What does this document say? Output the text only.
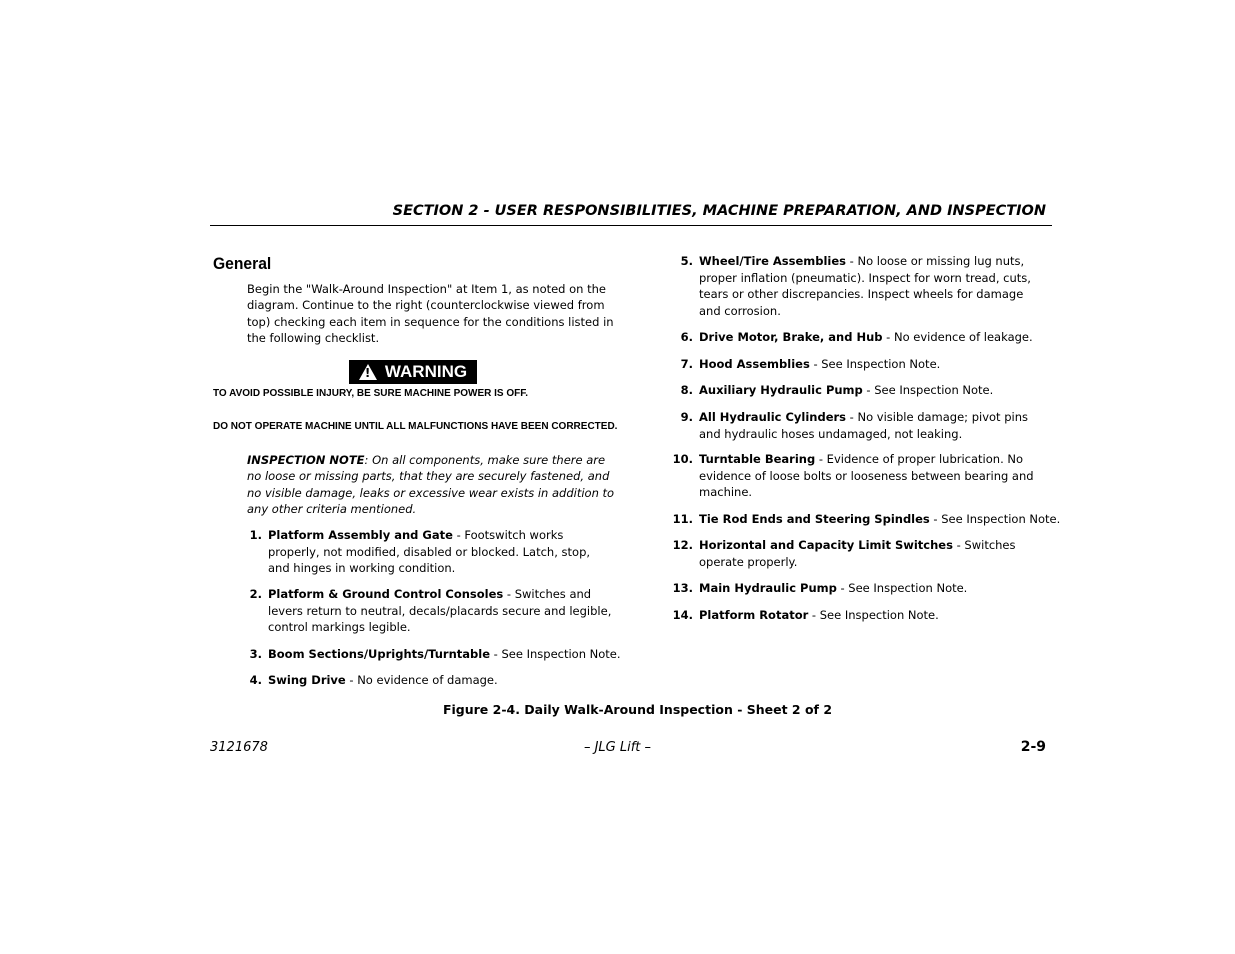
SECTION 2 - USER RESPONSIBILITIES, MACHINE PREPARATION, AND INSPECTION
General
Begin the "Walk-Around Inspection" at Item 1, as noted on the diagram. Continue to the right (counterclockwise viewed from top) checking each item in sequence for the conditions listed in the following checklist.
!
WARNING
TO AVOID POSSIBLE INJURY, BE SURE MACHINE POWER IS OFF.
DO NOT OPERATE MACHINE UNTIL ALL MALFUNCTIONS HAVE BEEN CORRECTED.
INSPECTION NOTE: On all components, make sure there are no loose or missing parts, that they are securely fastened, and no visible damage, leaks or excessive wear exists in addition to any other criteria mentioned.
1. Platform Assembly and Gate - Footswitch works properly, not modified, disabled or blocked. Latch, stop, and hinges in working condition.
2. Platform & Ground Control Consoles - Switches and levers return to neutral, decals/placards secure and legible, control markings legible.
3. Boom Sections/Uprights/Turntable - See Inspection Note.
4. Swing Drive - No evidence of damage.
5. Wheel/Tire Assemblies - No loose or missing lug nuts, proper inflation (pneumatic). Inspect for worn tread, cuts, tears or other discrepancies. Inspect wheels for damage and corrosion.
6. Drive Motor, Brake, and Hub - No evidence of leakage.
7. Hood Assemblies - See Inspection Note.
8. Auxiliary Hydraulic Pump - See Inspection Note.
9. All Hydraulic Cylinders - No visible damage; pivot pins and hydraulic hoses undamaged, not leaking.
10. Turntable Bearing - Evidence of proper lubrication. No evidence of loose bolts or looseness between bearing and machine.
11. Tie Rod Ends and Steering Spindles - See Inspection Note.
12. Horizontal and Capacity Limit Switches - Switches operate properly.
13. Main Hydraulic Pump - See Inspection Note.
14. Platform Rotator - See Inspection Note.
Figure 2-4. Daily Walk-Around Inspection - Sheet 2 of 2
3121678	– JLG Lift –	2-9
